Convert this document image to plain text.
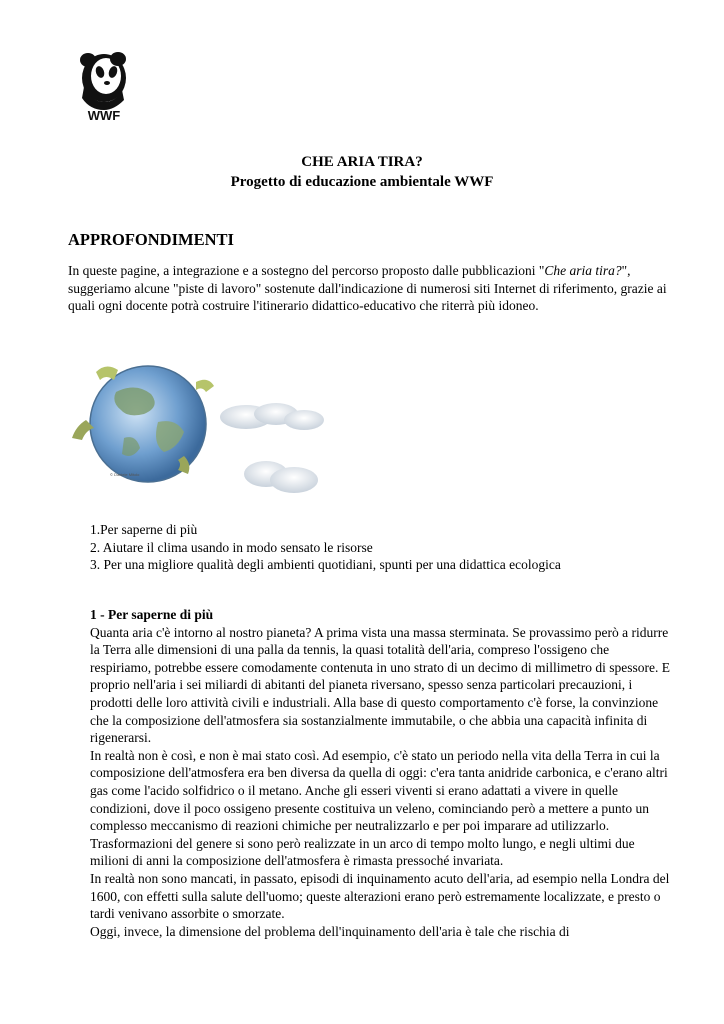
WWF
CHE ARIA TIRA?
Progetto di educazione ambientale WWF
APPROFONDIMENTI

In queste pagine, a integrazione e a sostegno del percorso proposto dalle pubblicazioni "Che aria tira?", suggeriamo alcune "piste di lavoro" sostenute dall'indicazione di numerosi siti Internet di riferimento, grazie ai quali ogni docente potrà costruire l'itinerario didattico-educativo che riterrà più idoneo.

© Daniele Mitolo
1.Per saperne di più
2. Aiutare il clima usando in modo sensato le risorse
3. Per una migliore qualità degli ambienti quotidiani, spunti per una didattica ecologica
1 - Per saperne di più

Quanta aria c'è intorno al nostro pianeta? A prima vista una massa sterminata. Se provassimo però a ridurre la Terra alle dimensioni di una palla da tennis, la quasi totalità dell'aria, compreso l'ossigeno che respiriamo, potrebbe essere comodamente contenuta in uno strato di un decimo di millimetro di spessore. E proprio nell'aria i sei miliardi di abitanti del pianeta riversano, spesso senza particolari precauzioni, i prodotti delle loro attività civili e industriali. Alla base di questo comportamento c'è forse, la convinzione che la composizione dell'atmosfera sia sostanzialmente immutabile, o che abbia una capacità infinita di rigenerarsi.

In realtà non è così, e non è mai stato così. Ad esempio, c'è stato un periodo nella vita della Terra in cui la composizione dell'atmosfera era ben diversa da quella di oggi: c'era tanta anidride carbonica, e c'erano altri gas come l'acido solfidrico o il metano. Anche gli esseri viventi si erano adattati a vivere in quelle condizioni, dove il poco ossigeno presente costituiva un veleno, cominciando però a mettere a punto un complesso meccanismo di reazioni chimiche per neutralizzarlo e per poi imparare ad utilizzarlo. Trasformazioni del genere si sono però realizzate in un arco di tempo molto lungo, e negli ultimi due milioni di anni la composizione dell'atmosfera è rimasta pressoché invariata.

In realtà non sono mancati, in passato, episodi di inquinamento acuto dell'aria, ad esempio nella Londra del 1600, con effetti sulla salute dell'uomo; queste alterazioni erano però estremamente localizzate, e presto o tardi venivano assorbite o smorzate.

Oggi, invece, la dimensione del problema dell'inquinamento dell'aria è tale che rischia di
